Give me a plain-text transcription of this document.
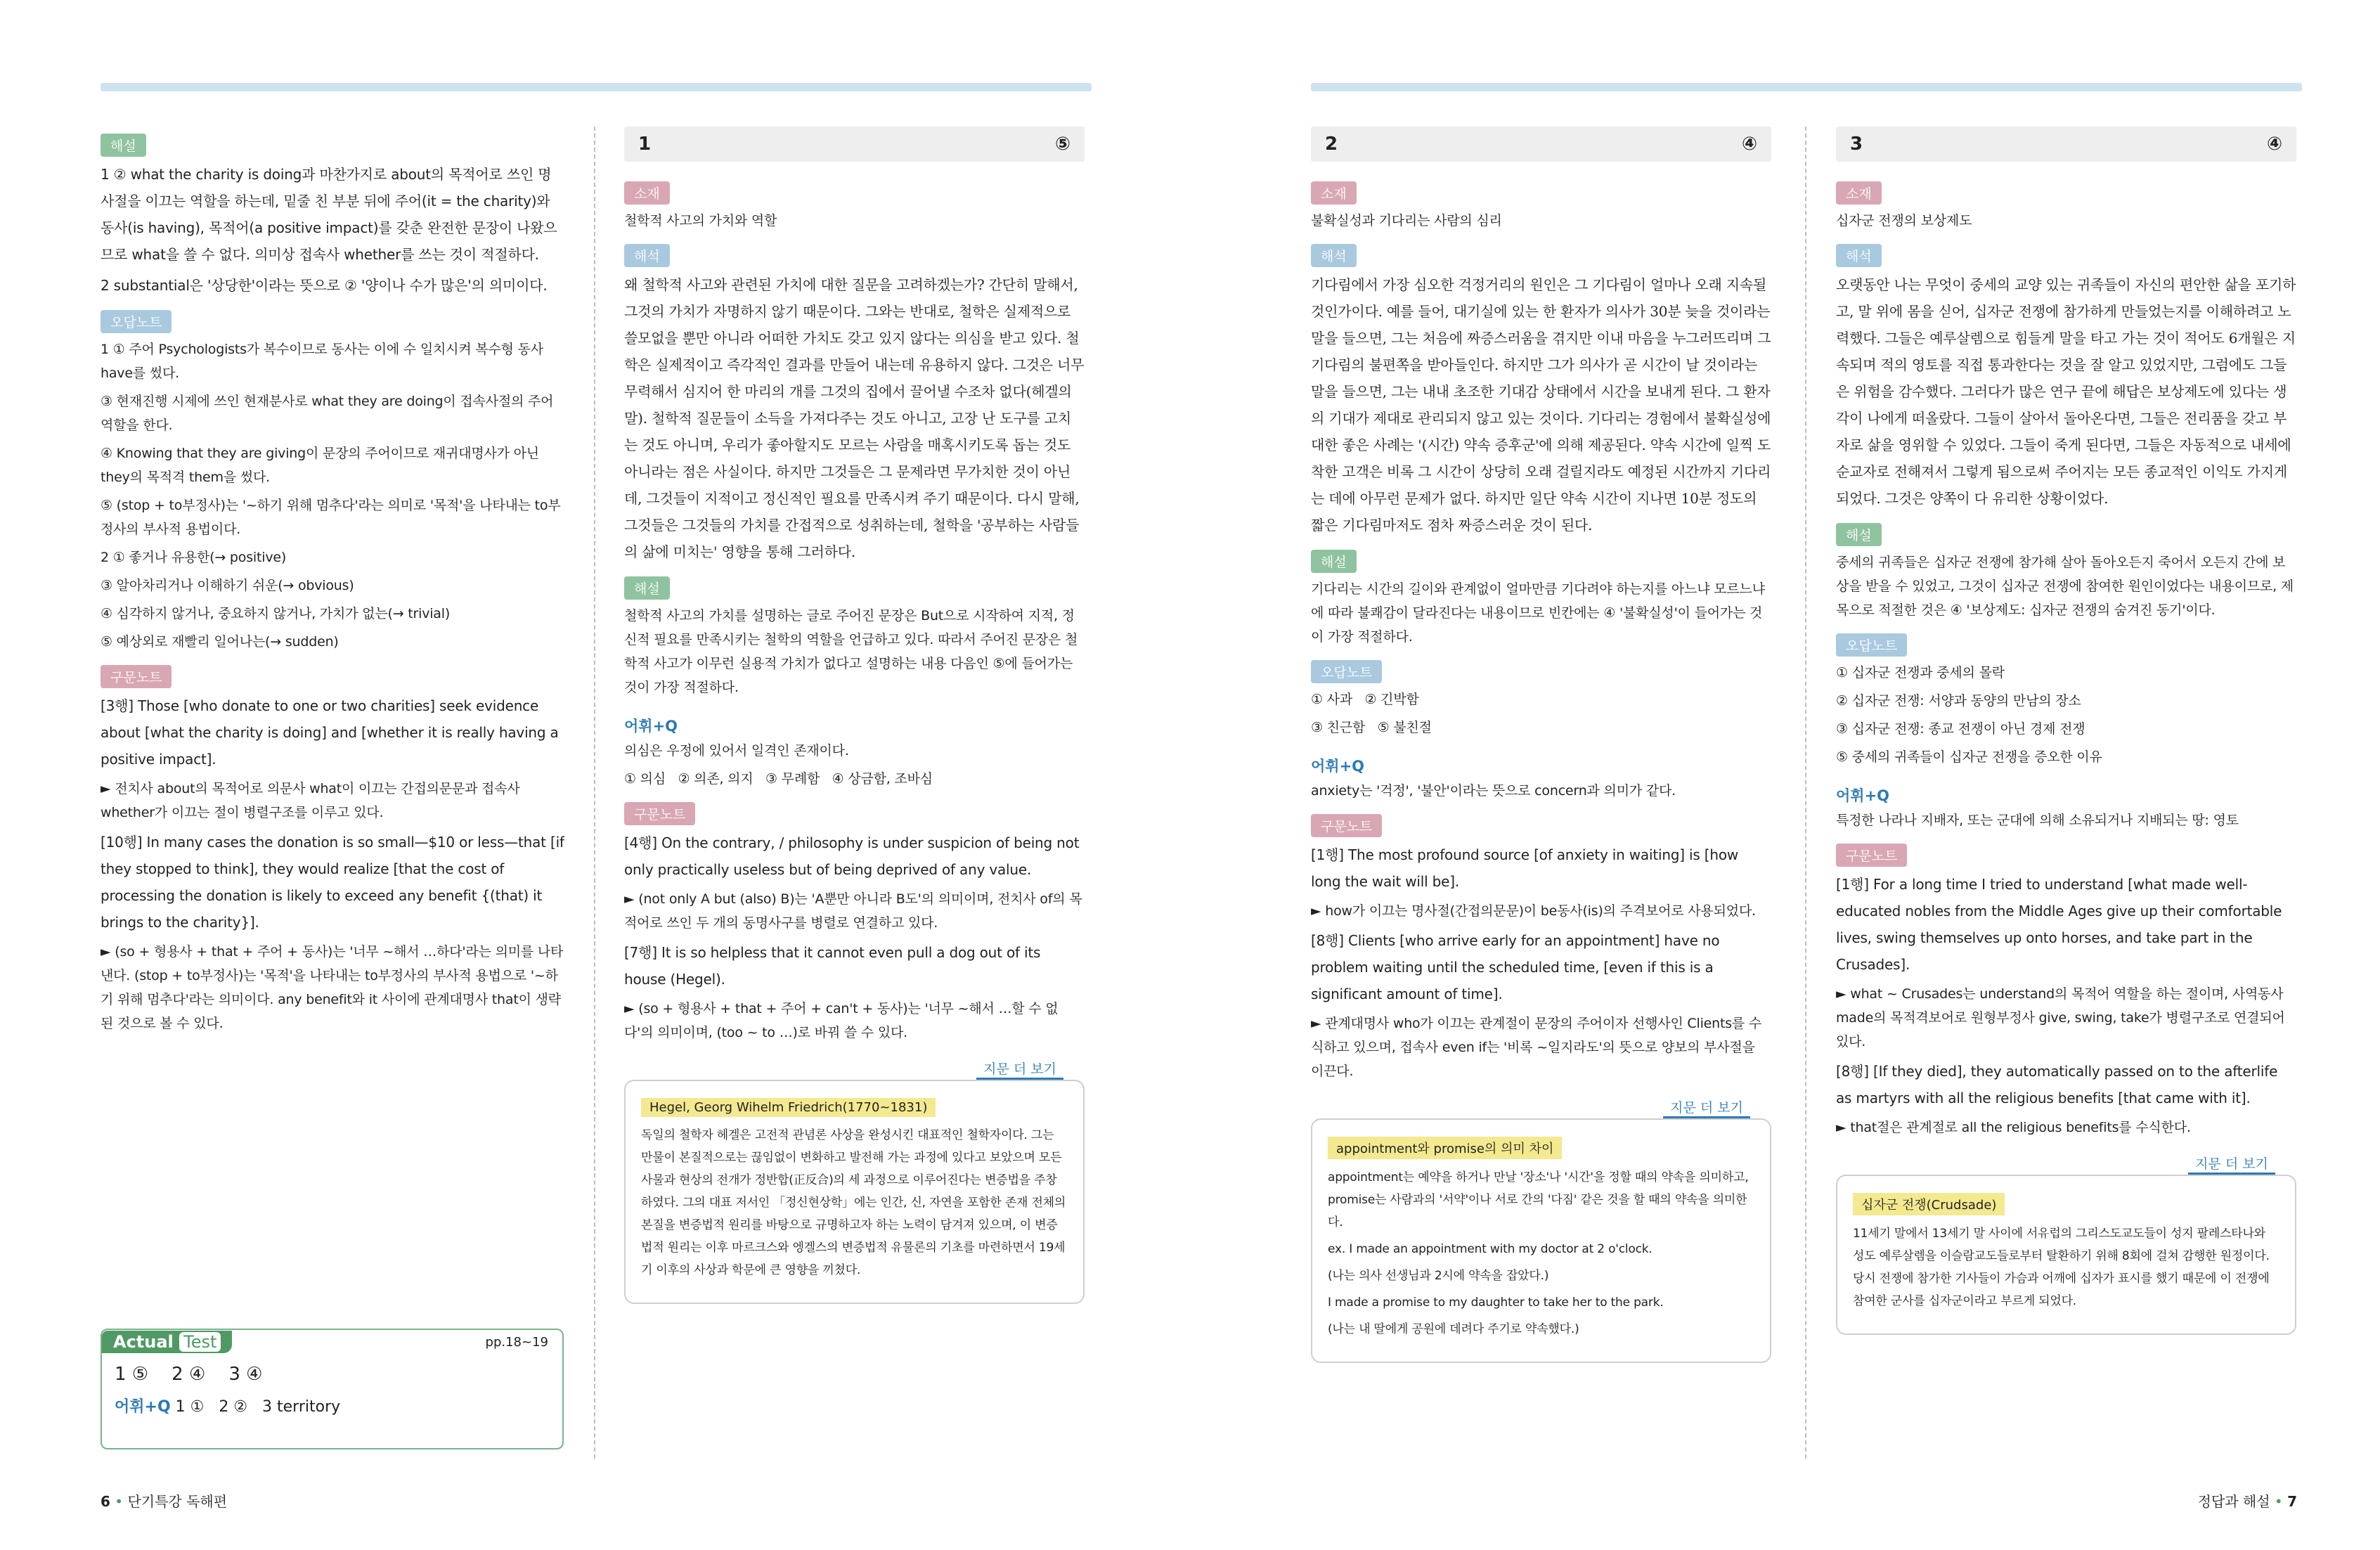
해설

1 ② what the charity is doing과 마찬가지로 about의 목적어로 쓰인 명사절을 이끄는 역할을 하는데, 밑줄 친 부분 뒤에 주어(it = the charity)와 동사(is having), 목적어(a positive impact)를 갖춘 완전한 문장이 나왔으므로 what을 쓸 수 없다. 의미상 접속사 whether를 쓰는 것이 적절하다.

2 substantial은 '상당한'이라는 뜻으로 ② '양이나 수가 많은'의 의미이다.

오답노트

1 ① 주어 Psychologists가 복수이므로 동사는 이에 수 일치시켜 복수형 동사 have를 썼다.

③ 현재진행 시제에 쓰인 현재분사로 what they are doing이 접속사절의 주어 역할을 한다.

④ Knowing that they are giving이 문장의 주어이므로 재귀대명사가 아닌 they의 목적격 them을 썼다.

⑤ (stop + to부정사)는 '~하기 위해 멈추다'라는 의미로 '목적'을 나타내는 to부정사의 부사적 용법이다.

2 ① 좋거나 유용한(→ positive)

③ 알아차리거나 이해하기 쉬운(→ obvious)

④ 심각하지 않거나, 중요하지 않거나, 가치가 없는(→ trivial)

⑤ 예상외로 재빨리 일어나는(→ sudden)

구문노트

[3행] Those [who donate to one or two charities] seek evidence about [what the charity is doing] and [whether it is really having a positive impact].

► 전치사 about의 목적어로 의문사 what이 이끄는 간접의문문과 접속사 whether가 이끄는 절이 병렬구조를 이루고 있다.

[10행] In many cases the donation is so small—$10 or less—that [if they stopped to think], they would realize [that the cost of processing the donation is likely to exceed any benefit {(that) it brings to the charity}].

► (so + 형용사 + that + 주어 + 동사)는 '너무 ~해서 …하다'라는 의미를 나타낸다. (stop + to부정사)는 '목적'을 나타내는 to부정사의 부사적 용법으로 '~하기 위해 멈추다'라는 의미이다. any benefit와 it 사이에 관계대명사 that이 생략된 것으로 볼 수 있다.

Actual Test	pp.18~19
1 ⑤    2 ④    3 ④
어휘+Q 1 ①   2 ②   3 territory
1	⑤
소재

철학적 사고의 가치와 역할

해석

왜 철학적 사고와 관련된 가치에 대한 질문을 고려하겠는가? 간단히 말해서, 그것의 가치가 자명하지 않기 때문이다. 그와는 반대로, 철학은 실제적으로 쓸모없을 뿐만 아니라 어떠한 가치도 갖고 있지 않다는 의심을 받고 있다. 철학은 실제적이고 즉각적인 결과를 만들어 내는데 유용하지 않다. 그것은 너무 무력해서 심지어 한 마리의 개를 그것의 집에서 끌어낼 수조차 없다(헤겔의 말). 철학적 질문들이 소득을 가져다주는 것도 아니고, 고장 난 도구를 고치는 것도 아니며, 우리가 좋아할지도 모르는 사람을 매혹시키도록 돕는 것도 아니라는 점은 사실이다. 하지만 그것들은 그 문제라면 무가치한 것이 아닌데, 그것들이 지적이고 정신적인 필요를 만족시켜 주기 때문이다. 다시 말해, 그것들은 그것들의 가치를 간접적으로 성취하는데, 철학을 '공부하는 사람들의 삶에 미치는' 영향을 통해 그러하다.

해설

철학적 사고의 가치를 설명하는 글로 주어진 문장은 But으로 시작하여 지적, 정신적 필요를 만족시키는 철학의 역할을 언급하고 있다. 따라서 주어진 문장은 철학적 사고가 이무런 실용적 가치가 없다고 설명하는 내용 다음인 ⑤에 들어가는 것이 가장 적절하다.

어휘+Q

의심은 우정에 있어서 일격인 존재이다.

① 의심   ② 의존, 의지   ③ 무례함   ④ 상금함, 조바심

구문노트

[4행] On the contrary, / philosophy is under suspicion of being not only practically useless but of being deprived of any value.

► (not only A but (also) B)는 'A뿐만 아니라 B도'의 의미이며, 전치사 of의 목적어로 쓰인 두 개의 동명사구를 병렬로 연결하고 있다.

[7행] It is so helpless that it cannot even pull a dog out of its house (Hegel).

► (so + 형용사 + that + 주어 + can't + 동사)는 '너무 ~해서 …할 수 없다'의 의미이며, (too ~ to …)로 바꿔 쓸 수 있다.

지문 더 보기
Hegel, Georg Wihelm Friedrich(1770~1831)

독일의 철학자 헤겔은 고전적 관념론 사상을 완성시킨 대표적인 철학자이다. 그는 만물이 본질적으로는 끊임없이 변화하고 발전해 가는 과정에 있다고 보았으며 모든 사물과 현상의 전개가 정반합(正反合)의 세 과정으로 이루어진다는 변증법을 주창하였다. 그의 대표 저서인 「정신현상학」에는 인간, 신, 자연을 포함한 존재 전체의 본질을 변증법적 원리를 바탕으로 규명하고자 하는 노력이 담겨져 있으며, 이 변증법적 원리는 이후 마르크스와 엥겔스의 변증법적 유물론의 기초를 마련하면서 19세기 이후의 사상과 학문에 큰 영향을 끼쳤다.

2	④
소재

불확실성과 기다리는 사람의 심리

해석

기다림에서 가장 심오한 걱정거리의 원인은 그 기다림이 얼마나 오래 지속될 것인가이다. 예를 들어, 대기실에 있는 한 환자가 의사가 30분 늦을 것이라는 말을 들으면, 그는 처음에 짜증스러움을 겪지만 이내 마음을 누그러뜨리며 그 기다림의 불편쪽을 받아들인다. 하지만 그가 의사가 곧 시간이 날 것이라는 말을 들으면, 그는 내내 초조한 기대감 상태에서 시간을 보내게 된다. 그 환자의 기대가 제대로 관리되지 않고 있는 것이다. 기다리는 경험에서 불확실성에 대한 좋은 사례는 '(시간) 약속 증후군'에 의해 제공된다. 약속 시간에 일찍 도착한 고객은 비록 그 시간이 상당히 오래 걸릴지라도 예정된 시간까지 기다리는 데에 아무런 문제가 없다. 하지만 일단 약속 시간이 지나면 10분 정도의 짧은 기다림마저도 점차 짜증스러운 것이 된다.

해설

기다리는 시간의 길이와 관계없이 얼마만큼 기다려야 하는지를 아느냐 모르느냐에 따라 불쾌감이 달라진다는 내용이므로 빈칸에는 ④ '불확실성'이 들어가는 것이 가장 적절하다.

오답노트

① 사과   ② 긴박함

③ 친근함   ⑤ 불친절

어휘+Q

anxiety는 '걱정', '불안'이라는 뜻으로 concern과 의미가 같다.

구문노트

[1행] The most profound source [of anxiety in waiting] is [how long the wait will be].

► how가 이끄는 명사절(간접의문문)이 be동사(is)의 주격보어로 사용되었다.

[8행] Clients [who arrive early for an appointment] have no problem waiting until the scheduled time, [even if this is a significant amount of time].

► 관계대명사 who가 이끄는 관계절이 문장의 주어이자 선행사인 Clients를 수식하고 있으며, 접속사 even if는 '비록 ~일지라도'의 뜻으로 양보의 부사절을 이끈다.

지문 더 보기
appointment와 promise의 의미 차이

appointment는 예약을 하거나 만날 '장소'나 '시간'을 정할 때의 약속을 의미하고, promise는 사람과의 '서약'이나 서로 간의 '다짐' 같은 것을 할 때의 약속을 의미한다.

ex. I made an appointment with my doctor at 2 o'clock.

(나는 의사 선생님과 2시에 약속을 잡았다.)

I made a promise to my daughter to take her to the park.

(나는 내 딸에게 공원에 데려다 주기로 약속했다.)

3	④
소재

십자군 전쟁의 보상제도

해석

오랫동안 나는 무엇이 중세의 교양 있는 귀족들이 자신의 편안한 삶을 포기하고, 말 위에 몸을 싣어, 십자군 전쟁에 참가하게 만들었는지를 이해하려고 노력했다. 그들은 예루살렘으로 힘들게 말을 타고 가는 것이 적어도 6개월은 지속되며 적의 영토를 직접 통과한다는 것을 잘 알고 있었지만, 그럼에도 그들은 위험을 감수했다. 그러다가 많은 연구 끝에 해답은 보상제도에 있다는 생각이 나에게 떠올랐다. 그들이 살아서 돌아온다면, 그들은 전리품을 갖고 부자로 삶을 영위할 수 있었다. 그들이 죽게 된다면, 그들은 자동적으로 내세에 순교자로 전해져서 그렇게 됨으로써 주어지는 모든 종교적인 이익도 가지게 되었다. 그것은 양쪽이 다 유리한 상황이었다.

해설

중세의 귀족들은 십자군 전쟁에 참가해 살아 돌아오든지 죽어서 오든지 간에 보상을 받을 수 있었고, 그것이 십자군 전쟁에 참여한 원인이었다는 내용이므로, 제목으로 적절한 것은 ④ '보상제도: 십자군 전쟁의 숨겨진 동기'이다.

오답노트

① 십자군 전쟁과 중세의 몰락

② 십자군 전쟁: 서양과 동양의 만남의 장소

③ 십자군 전쟁: 종교 전쟁이 아닌 경제 전쟁

⑤ 중세의 귀족들이 십자군 전쟁을 증오한 이유

어휘+Q

특정한 나라나 지배자, 또는 군대에 의해 소유되거나 지배되는 땅: 영토

구문노트

[1행] For a long time I tried to understand [what made well-educated nobles from the Middle Ages give up their comfortable lives, swing themselves up onto horses, and take part in the Crusades].

► what ~ Crusades는 understand의 목적어 역할을 하는 절이며, 사역동사 made의 목적격보어로 원형부정사 give, swing, take가 병렬구조로 연결되어 있다.

[8행] [If they died], they automatically passed on to the afterlife as martyrs with all the religious benefits [that came with it].

► that절은 관계절로 all the religious benefits를 수식한다.

지문 더 보기
십자군 전쟁(Crudsade)

11세기 말에서 13세기 말 사이에 서유럽의 그리스도교도들이 성지 팔레스타나와 성도 예루살렘을 이슬람교도들로부터 탈환하기 위해 8회에 걸쳐 감행한 원정이다. 당시 전쟁에 참가한 기사들이 가슴과 어깨에 십자가 표시를 했기 때문에 이 전쟁에 참여한 군사를 십자군이라고 부르게 되었다.

6 • 단기특강 독해편	정답과 해설 • 7
